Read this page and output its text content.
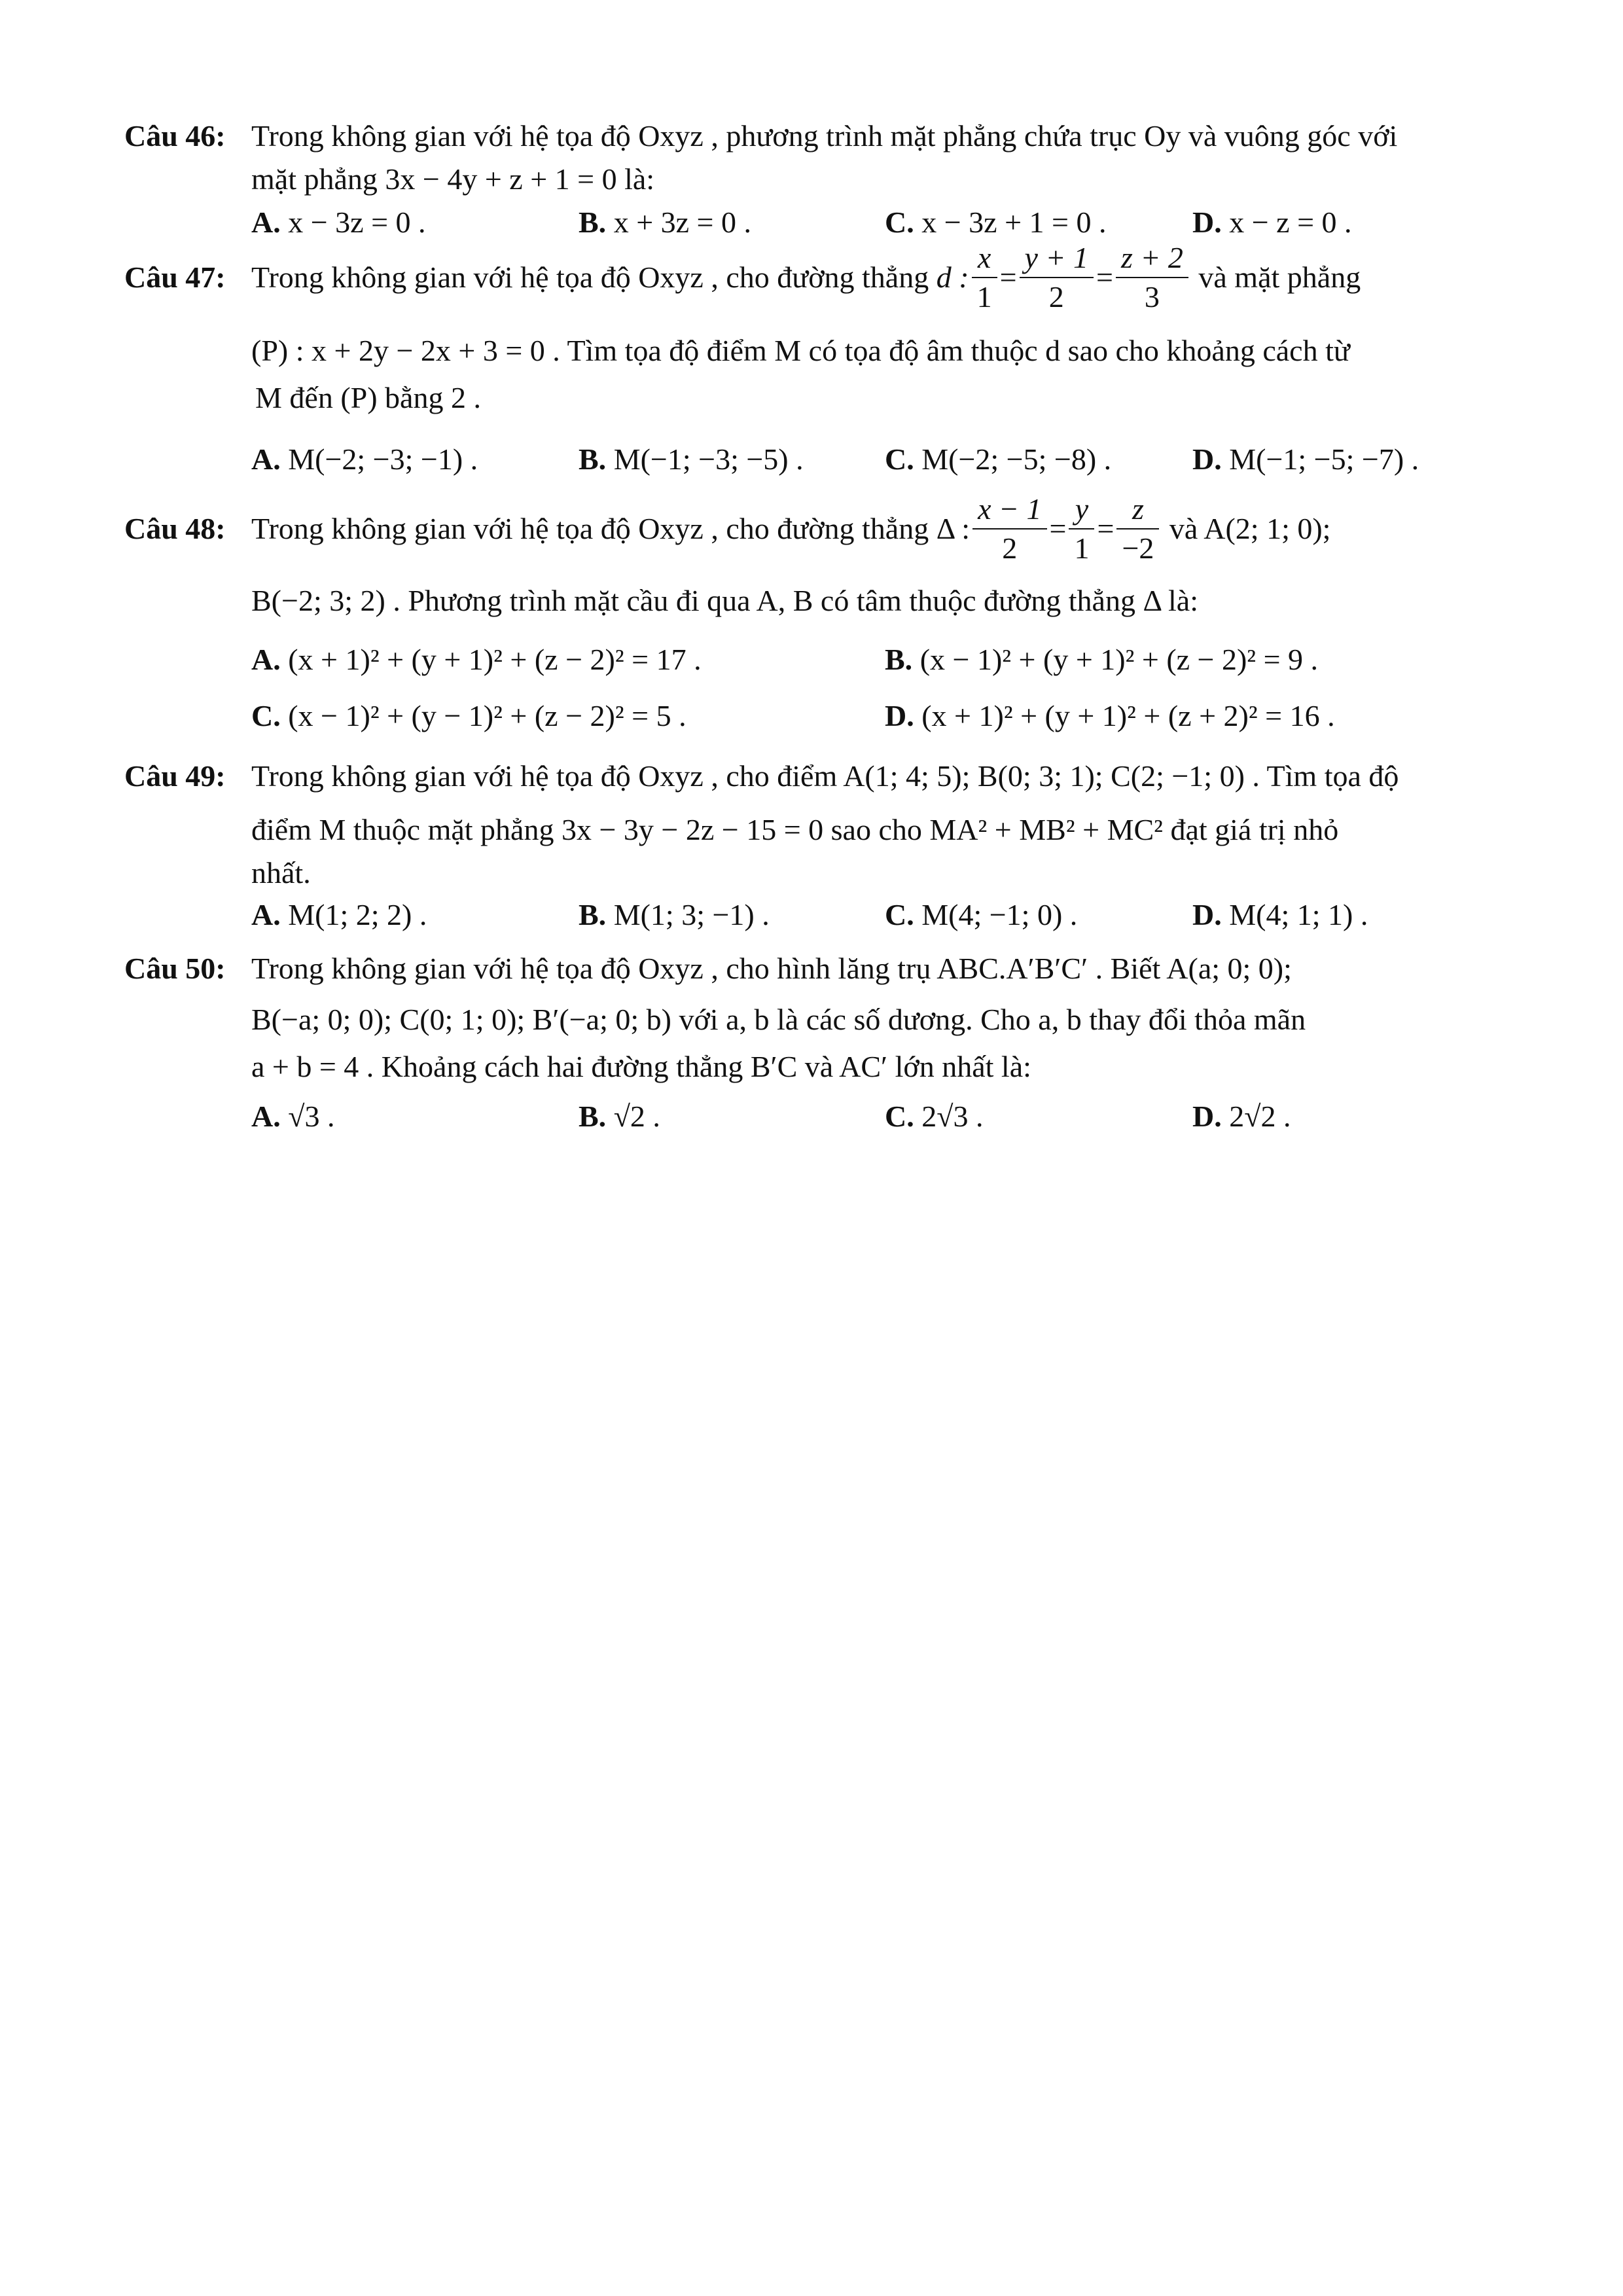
Câu 46: Trong không gian với hệ tọa độ Oxyz , phương trình mặt phẳng chứa trục Oy và vuông góc với
mặt phẳng 3x − 4y + z + 1 = 0 là:
A. x − 3z = 0 .	B. x + 3z = 0 .	C. x − 3z + 1 = 0 .	D. x − z = 0 .
Câu 47: Trong không gian với hệ tọa độ Oxyz , cho đường thẳng
d : $\frac{x}{1} = \frac{y + 1}{2} = \frac{z + 2}{3}$
và mặt phẳng
(P) : x + 2y − 2x + 3 = 0 . Tìm tọa độ điểm M có tọa độ âm thuộc d sao cho khoảng cách từ
M đến (P) bằng 2 .
A. M(−2; −3; −1) .	B. M(−1; −3; −5) .	C. M(−2; −5; −8) .	D. M(−1; −5; −7) .
Câu 48: Trong không gian với hệ tọa độ Oxyz , cho đường thẳng
Δ : $\frac{x - 1}{2} = \frac{y}{1} = \frac{z}{-2}$
và A(2; 1; 0);
B(−2; 3; 2) . Phương trình mặt cầu đi qua A, B có tâm thuộc đường thẳng Δ là:
A. (x + 1)² + (y + 1)² + (z − 2)² = 17 .	B. (x − 1)² + (y + 1)² + (z − 2)² = 9 .
C. (x − 1)² + (y − 1)² + (z − 2)² = 5 .	D. (x + 1)² + (y + 1)² + (z + 2)² = 16 .
Câu 49: Trong không gian với hệ tọa độ Oxyz , cho điểm A(1; 4; 5); B(0; 3; 1); C(2; −1; 0) . Tìm tọa độ
điểm M thuộc mặt phẳng 3x − 3y − 2z − 15 = 0 sao cho MA² + MB² + MC² đạt giá trị nhỏ
nhất.
A. M(1; 2; 2) .	B. M(1; 3; −1) .	C. M(4; −1; 0) .	D. M(4; 1; 1) .
Câu 50: Trong không gian với hệ tọa độ Oxyz , cho hình lăng trụ ABC.A′B′C′ . Biết A(a; 0; 0);
B(−a; 0; 0); C(0; 1; 0); B′(−a; 0; b) với a, b là các số dương. Cho a, b thay đổi thỏa mãn
a + b = 4 . Khoảng cách hai đường thẳng B′C và AC′ lớn nhất là:
A. √3 .	B. √2 .	C. 2√3 .	D. 2√2 .
